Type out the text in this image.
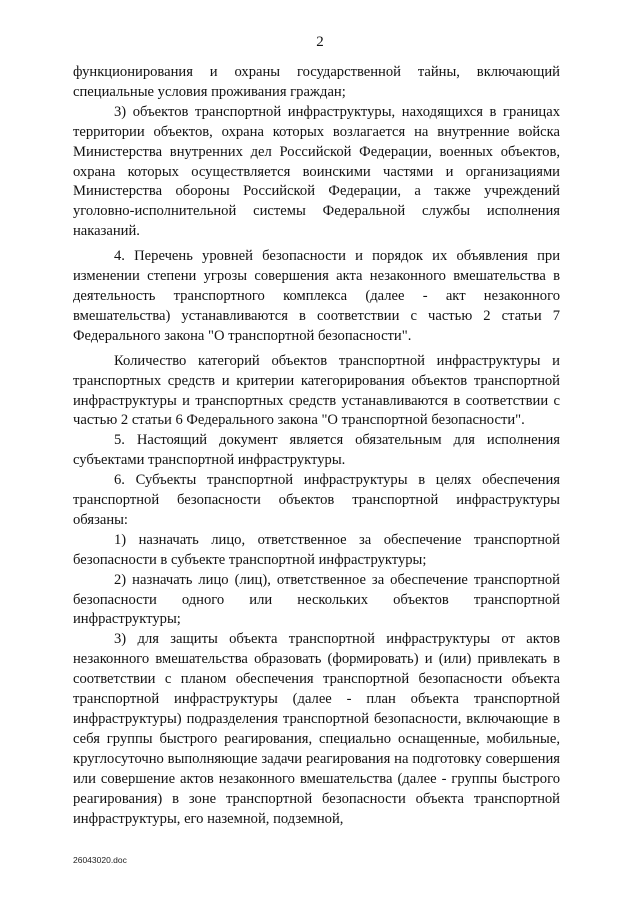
2

функционирования и охраны государственной тайны, включающий специальные условия проживания граждан;

3) объектов транспортной инфраструктуры, находящихся в границах территории объектов, охрана которых возлагается на внутренние войска Министерства внутренних дел Российской Федерации, военных объектов, охрана которых осуществляется воинскими частями и организациями Министерства обороны Российской Федерации, а также учреждений уголовно-исполнительной системы Федеральной службы исполнения наказаний.

4. Перечень уровней безопасности и порядок их объявления при изменении степени угрозы совершения акта незаконного вмешательства в деятельность транспортного комплекса (далее - акт незаконного вмешательства) устанавливаются в соответствии с частью 2 статьи 7 Федерального закона "О транспортной безопасности".

Количество категорий объектов транспортной инфраструктуры и транспортных средств и критерии категорирования объектов транспортной инфраструктуры и транспортных средств устанавливаются в соответствии с частью 2 статьи 6 Федерального закона "О транспортной безопасности".

5. Настоящий документ является обязательным для исполнения субъектами транспортной инфраструктуры.

6. Субъекты транспортной инфраструктуры в целях обеспечения транспортной безопасности объектов транспортной инфраструктуры обязаны:

1) назначать лицо, ответственное за обеспечение транспортной безопасности в субъекте транспортной инфраструктуры;

2) назначать лицо (лиц), ответственное за обеспечение транспортной безопасности одного или нескольких объектов транспортной инфраструктуры;

3) для защиты объекта транспортной инфраструктуры от актов незаконного вмешательства образовать (формировать) и (или) привлекать в соответствии с планом обеспечения транспортной безопасности объекта транспортной инфраструктуры (далее - план объекта транспортной инфраструктуры) подразделения транспортной безопасности, включающие в себя группы быстрого реагирования, специально оснащенные, мобильные, круглосуточно выполняющие задачи реагирования на подготовку совершения или совершение актов незаконного вмешательства (далее - группы быстрого реагирования) в зоне транспортной безопасности объекта транспортной инфраструктуры, его наземной, подземной,

26043020.doc
